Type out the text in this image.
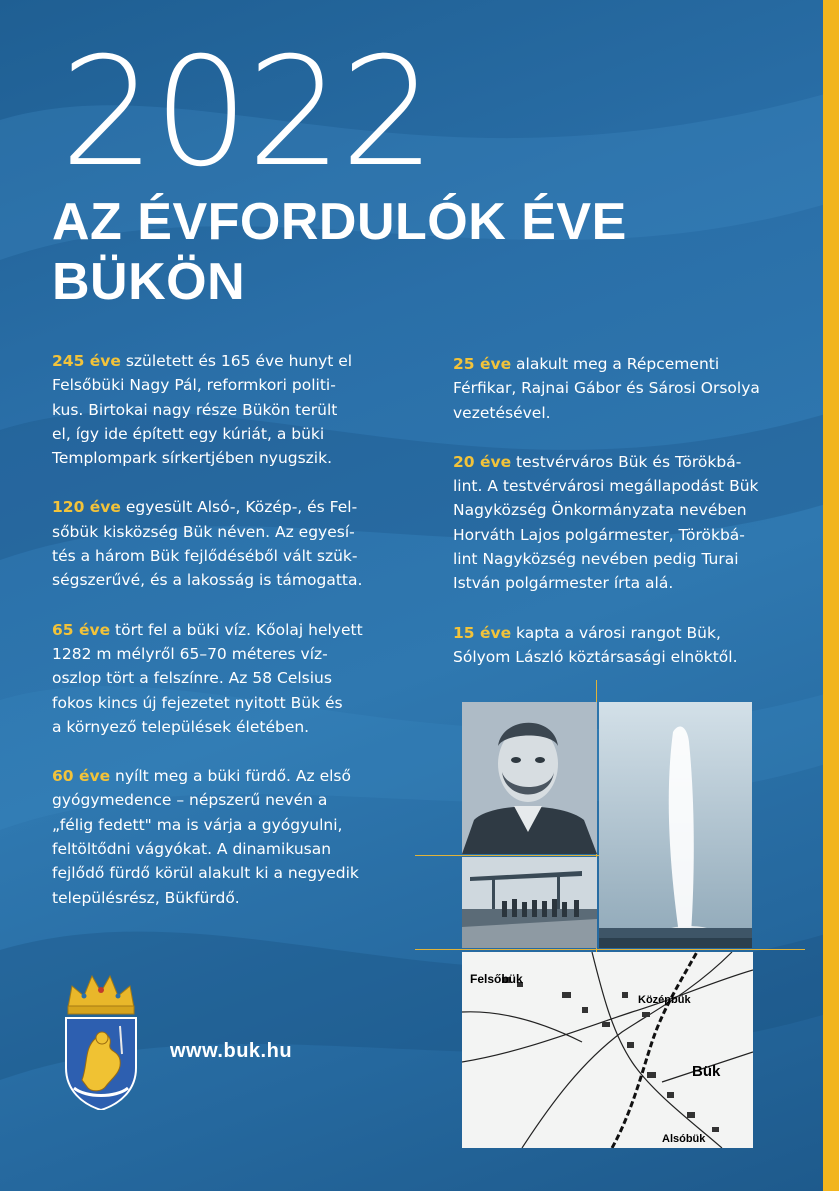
2022
AZ ÉVFORDULÓK ÉVE
BÜKÖN

245 éve született és 165 éve hunyt el
Felsőbüki Nagy Pál, reformkori politi-
kus. Birtokai nagy része Bükön terült
el, így ide épített egy kúriát, a büki
Templompark sírkertjében nyugszik.

120 éve egyesült Alsó-, Közép-, és Fel-
sőbük kisközség Bük néven. Az egyesí-
tés a három Bük fejlődéséből vált szük-
ségszerűvé, és a lakosság is támogatta.

65 éve tört fel a büki víz. Kőolaj helyett
1282 m mélyről 65–70 méteres víz-
oszlop tört a felszínre. Az 58 Celsius
fokos kincs új fejezetet nyitott Bük és
a környező települések életében.

60 éve nyílt meg a büki fürdő. Az első
gyógymedence – népszerű nevén a
„félig fedett" ma is várja a gyógyulni,
feltöltődni vágyókat. A dinamikusan
fejlődő fürdő körül alakult ki a negyedik
településrész, Bükfürdő.

25 éve alakult meg a Répcementi
Férfikar, Rajnai Gábor és Sárosi Orsolya
vezetésével.

20 éve testvérváros Bük és Törökbá-
lint. A testvérvárosi megállapodást Bük
Nagyközség Önkormányzata nevében
Horváth Lajos polgármester, Törökbá-
lint Nagyközség nevében pedig Turai
István polgármester írta alá.

15 éve kapta a városi rangot Bük,
Sólyom László köztársasági elnöktől.

Felsőbük
Középbük
Bük
Alsóbük

www.buk.hu
